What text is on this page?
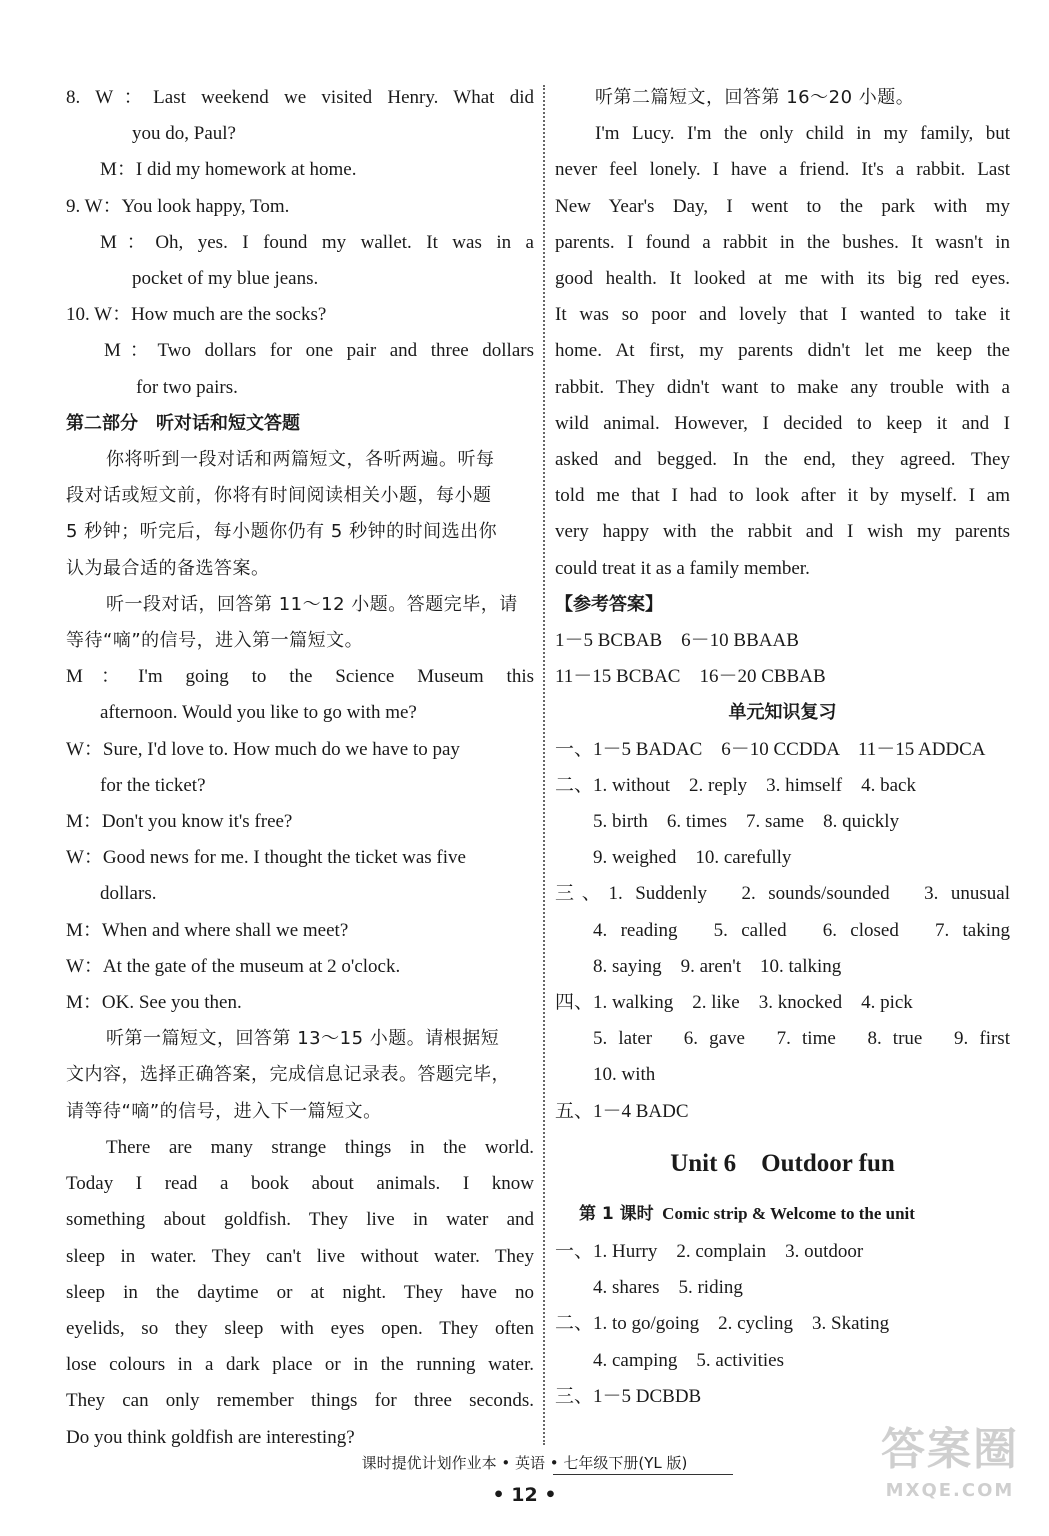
8. W：Last weekend we visited Henry. What did
you do, Paul?
M：I did my homework at home.
9. W：You look happy, Tom.
M：Oh, yes. I found my wallet. It was in a
pocket of my blue jeans.
10. W：How much are the socks?
M：Two dollars for one pair and three dollars
for two pairs.
第二部分　听对话和短文答题
你将听到一段对话和两篇短文，各听两遍。听每
段对话或短文前，你将有时间阅读相关小题，每小题
5 秒钟；听完后，每小题你仍有 5 秒钟的时间选出你
认为最合适的备选答案。
听一段对话，回答第 11～12 小题。答题完毕，请
等待“嘀”的信号，进入第一篇短文。
M：I'm going to the Science Museum this
afternoon. Would you like to go with me?
W：Sure, I'd love to. How much do we have to pay
for the ticket?
M：Don't you know it's free?
W：Good news for me. I thought the ticket was five
dollars.
M：When and where shall we meet?
W：At the gate of the museum at 2 o'clock.
M：OK. See you then.
听第一篇短文，回答第 13～15 小题。请根据短
文内容，选择正确答案，完成信息记录表。答题完毕，
请等待“嘀”的信号，进入下一篇短文。
There are many strange things in the world.
Today I read a book about animals. I know
something about goldfish. They live in water and
sleep in water. They can't live without water. They
sleep in the daytime or at night. They have no
eyelids, so they sleep with eyes open. They often
lose colours in a dark place or in the running water.
They can only remember things for three seconds.
Do you think goldfish are interesting?
听第二篇短文，回答第 16～20 小题。
I'm Lucy. I'm the only child in my family, but
never feel lonely. I have a friend. It's a rabbit. Last
New Year's Day, I went to the park with my
parents. I found a rabbit in the bushes. It wasn't in
good health. It looked at me with its big red eyes.
It was so poor and lovely that I wanted to take it
home. At first, my parents didn't let me keep the
rabbit. They didn't want to make any trouble with a
wild animal. However, I decided to keep it and I
asked and begged. In the end, they agreed. They
told me that I had to look after it by myself. I am
very happy with the rabbit and I wish my parents
could treat it as a family member.
【参考答案】
1－5 BCBAB　6－10 BBAAB
11－15 BCBAC　16－20 CBBAB
单元知识复习
一、1－5 BADAC　6－10 CCDDA　11－15 ADDCA
二、1. without　2. reply　3. himself　4. back
5. birth　6. times　7. same　8. quickly
9. weighed　10. carefully
三、1. Suddenly　2. sounds/sounded　3. unusual
4. reading　5. called　6. closed　7. taking
8. saying　9. aren't　10. talking
四、1. walking　2. like　3. knocked　4. pick
5. later　6. gave　7. time　8. true　9. first
10. with
五、1－4 BADC
Unit 6　Outdoor fun
第 1 课时 Comic strip & Welcome to the unit
一、1. Hurry　2. complain　3. outdoor
4. shares　5. riding
二、1. to go/going　2. cycling　3. Skating
4. camping　5. activities
三、1－5 DCBDB
课时提优计划作业本 • 英语 • 七年级下册(YL 版)
• 12 •
答案圈
MXQE.COM
